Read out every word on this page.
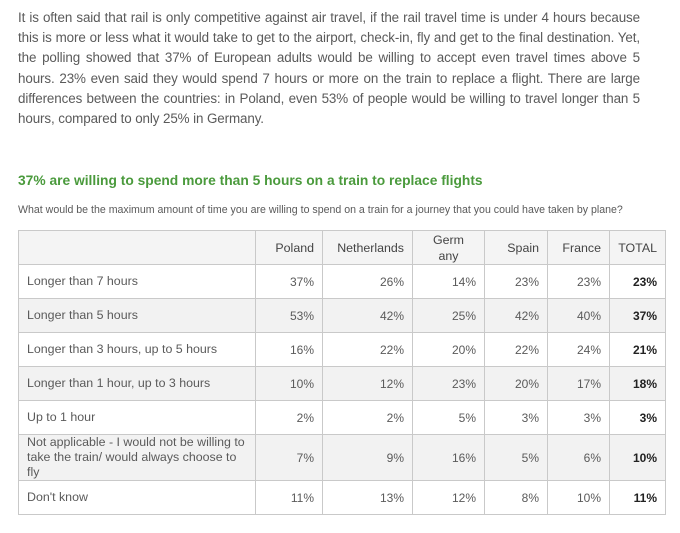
It is often said that rail is only competitive against air travel, if the rail travel time is under 4 hours because this is more or less what it would take to get to the airport, check-in, fly and get to the final destination. Yet, the polling showed that 37% of European adults would be willing to accept even travel times above 5 hours. 23% even said they would spend 7 hours or more on the train to replace a flight. There are large differences between the countries: in Poland, even 53% of people would be willing to travel longer than 5 hours, compared to only 25% in Germany.

37% are willing to spend more than 5 hours on a train to replace flights
What would be the maximum amount of time you are willing to spend on a train for a journey that you could have taken by plane?
	Poland	Netherlands	Germany	Spain	France	TOTAL
Longer than 7 hours	37%	26%	14%	23%	23%	23%
Longer than 5 hours	53%	42%	25%	42%	40%	37%
Longer than 3 hours, up to 5 hours	16%	22%	20%	22%	24%	21%
Longer than 1 hour, up to 3 hours	10%	12%	23%	20%	17%	18%
Up to 1 hour	2%	2%	5%	3%	3%	3%
Not applicable - I would not be willing to take the train/ would always choose to fly	7%	9%	16%	5%	6%	10%
Don't know	11%	13%	12%	8%	10%	11%
